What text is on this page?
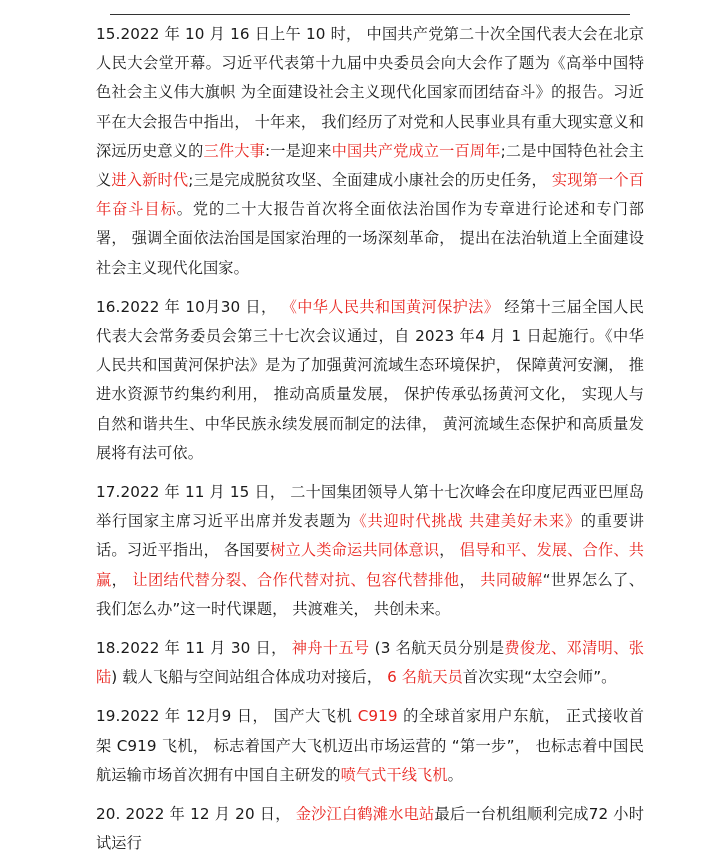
15.2022 年 10 月 16 日上午 10 时， 中国共产党第二十次全国代表大会在北京人民大会堂开幕。习近平代表第十九届中央委员会向大会作了题为《高举中国特色社会主义伟大旗帜 为全面建设社会主义现代化国家而团结奋斗》的报告。习近平在大会报告中指出， 十年来， 我们经历了对党和人民事业具有重大现实意义和深远历史意义的三件大事:一是迎来中国共产党成立一百周年;二是中国特色社会主义进入新时代;三是完成脱贫攻坚、全面建成小康社会的历史任务， 实现第一个百年奋斗目标。党的二十大报告首次将全面依法治国作为专章进行论述和专门部署， 强调全面依法治国是国家治理的一场深刻革命， 提出在法治轨道上全面建设社会主义现代化国家。

16.2022 年 10月30 日， 《中华人民共和国黄河保护法》 经第十三届全国人民代表大会常务委员会第三十七次会议通过，自 2023 年4 月 1 日起施行。《中华人民共和国黄河保护法》是为了加强黄河流域生态环境保护， 保障黄河安澜， 推进水资源节约集约利用， 推动高质量发展， 保护传承弘扬黄河文化， 实现人与自然和谐共生、中华民族永续发展而制定的法律， 黄河流域生态保护和高质量发展将有法可依。

17.2022 年 11 月 15 日， 二十国集团领导人第十七次峰会在印度尼西亚巴厘岛举行国家主席习近平出席并发表题为《共迎时代挑战 共建美好未来》的重要讲话。习近平指出， 各国要树立人类命运共同体意识， 倡导和平、发展、合作、共赢， 让团结代替分裂、合作代替对抗、包容代替排他， 共同破解“世界怎么了、我们怎么办”这一时代课题， 共渡难关， 共创未来。

18.2022 年 11 月 30 日， 神舟十五号 (3 名航天员分别是费俊龙、邓清明、张陆) 载人飞船与空间站组合体成功对接后， 6 名航天员首次实现“太空会师”。

19.2022 年 12月9 日， 国产大飞机 C919 的全球首家用户东航， 正式接收首架 C919 飞机， 标志着国产大飞机迈出市场运营的 “第一步”， 也标志着中国民航运输市场首次拥有中国自主研发的喷气式干线飞机。

20. 2022 年 12 月 20 日， 金沙江白鹤滩水电站最后一台机组顺利完成72 小时试运行
